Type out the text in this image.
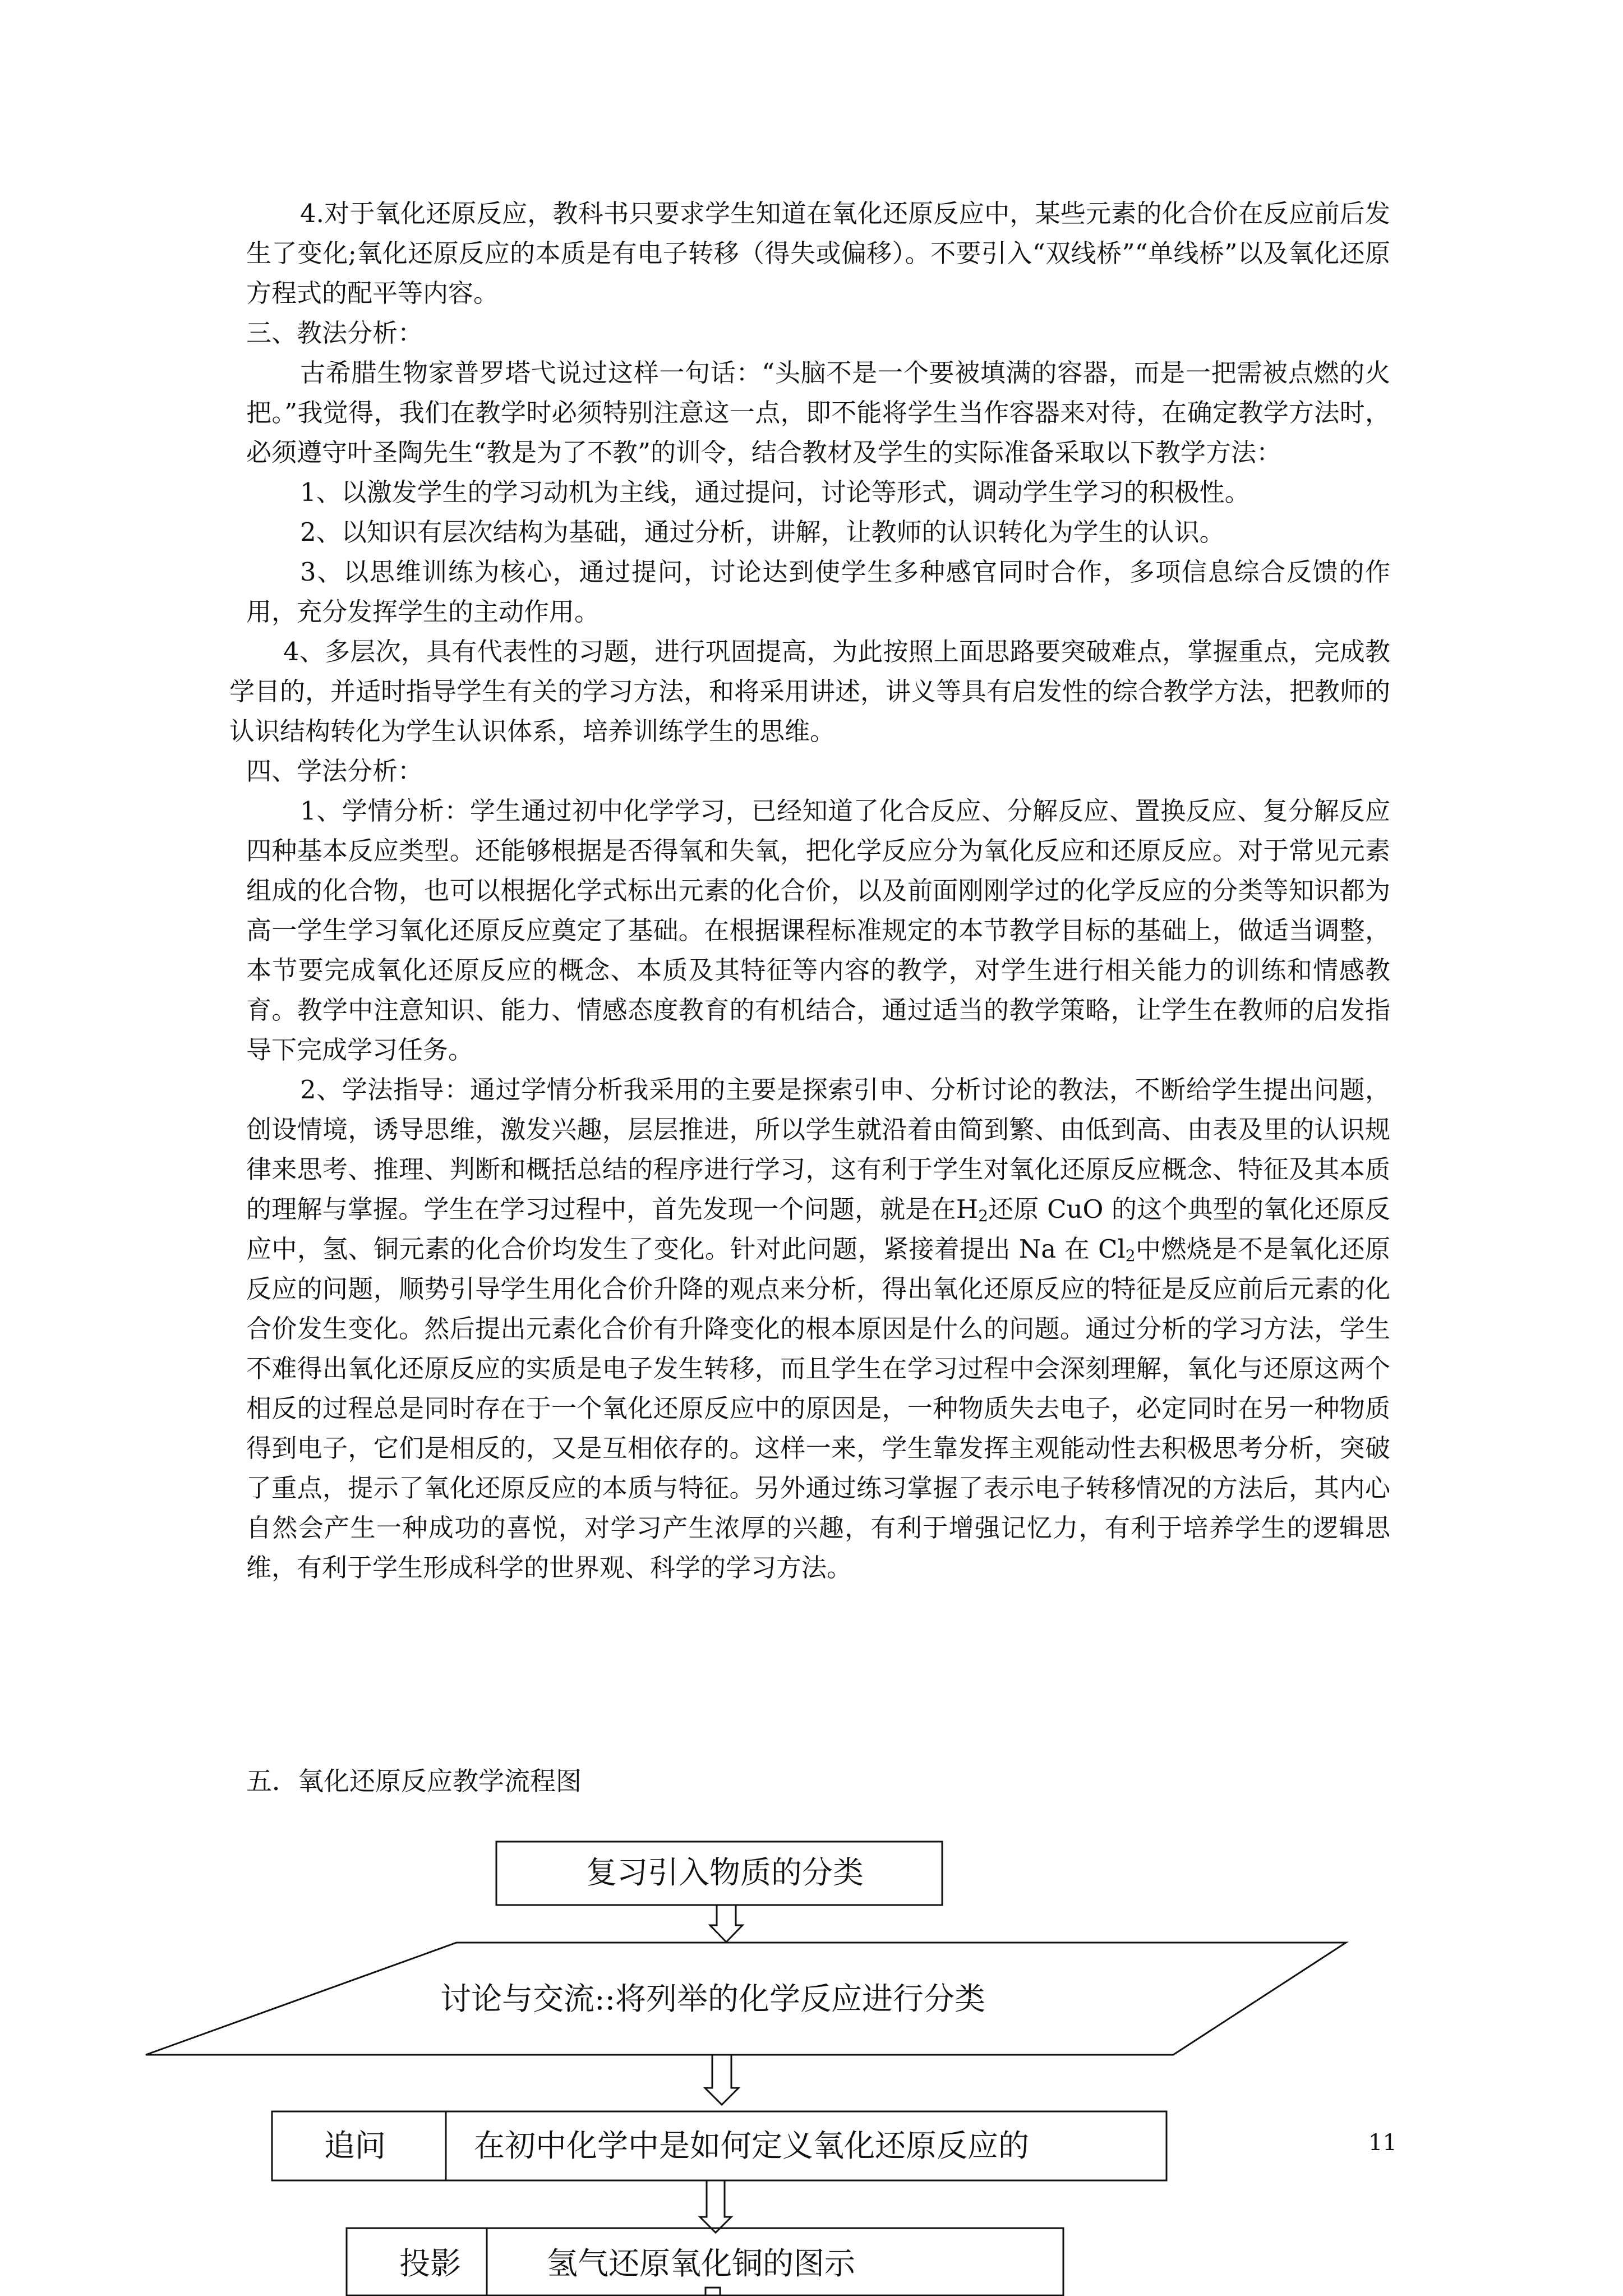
4.对于氧化还原反应，教科书只要求学生知道在氧化还原反应中，某些元素的化合价在反应前后发生了变化;氧化还原反应的本质是有电子转移（得失或偏移）。不要引入“双线桥”“单线桥”以及氧化还原方程式的配平等内容。

三、教法分析：

古希腊生物家普罗塔弋说过这样一句话：“头脑不是一个要被填满的容器，而是一把需被点燃的火把。”我觉得，我们在教学时必须特别注意这一点，即不能将学生当作容器来对待，在确定教学方法时，必须遵守叶圣陶先生“教是为了不教”的训令，结合教材及学生的实际准备采取以下教学方法：

1、以激发学生的学习动机为主线，通过提问，讨论等形式，调动学生学习的积极性。

2、以知识有层次结构为基础，通过分析，讲解，让教师的认识转化为学生的认识。

3、以思维训练为核心，通过提问，讨论达到使学生多种感官同时合作，多项信息综合反馈的作用，充分发挥学生的主动作用。

4、多层次，具有代表性的习题，进行巩固提高，为此按照上面思路要突破难点，掌握重点，完成教学目的，并适时指导学生有关的学习方法，和将采用讲述，讲义等具有启发性的综合教学方法，把教师的认识结构转化为学生认识体系，培养训练学生的思维。

四、学法分析：

1、学情分析：学生通过初中化学学习，已经知道了化合反应、分解反应、置换反应、复分解反应四种基本反应类型。还能够根据是否得氧和失氧，把化学反应分为氧化反应和还原反应。对于常见元素组成的化合物，也可以根据化学式标出元素的化合价，以及前面刚刚学过的化学反应的分类等知识都为高一学生学习氧化还原反应奠定了基础。在根据课程标准规定的本节教学目标的基础上，做适当调整，本节要完成氧化还原反应的概念、本质及其特征等内容的教学，对学生进行相关能力的训练和情感教育。教学中注意知识、能力、情感态度教育的有机结合，通过适当的教学策略，让学生在教师的启发指导下完成学习任务。

2、学法指导：通过学情分析我采用的主要是探索引申、分析讨论的教法，不断给学生提出问题，创设情境，诱导思维，激发兴趣，层层推进，所以学生就沿着由简到繁、由低到高、由表及里的认识规律来思考、推理、判断和概括总结的程序进行学习，这有利于学生对氧化还原反应概念、特征及其本质的理解与掌握。学生在学习过程中，首先发现一个问题，就是在$H_2$还原 CuO 的这个典型的氧化还原反应中，氢、铜元素的化合价均发生了变化。针对此问题，紧接着提出 Na 在 $Cl_2$中燃烧是不是氧化还原反应的问题，顺势引导学生用化合价升降的观点来分析，得出氧化还原反应的特征是反应前后元素的化合价发生变化。然后提出元素化合价有升降变化的根本原因是什么的问题。通过分析的学习方法，学生不难得出氧化还原反应的实质是电子发生转移，而且学生在学习过程中会深刻理解，氧化与还原这两个相反的过程总是同时存在于一个氧化还原反应中的原因是，一种物质失去电子，必定同时在另一种物质得到电子，它们是相反的，又是互相依存的。这样一来，学生靠发挥主观能动性去积极思考分析，突破了重点，提示了氧化还原反应的本质与特征。另外通过练习掌握了表示电子转移情况的方法后，其内心自然会产生一种成功的喜悦，对学习产生浓厚的兴趣，有利于增强记忆力，有利于培养学生的逻辑思维，有利于学生形成科学的世界观、科学的学习方法。

五．氧化还原反应教学流程图
复习引入物质的分类
讨论与交流::将列举的化学反应进行分类
追问	在初中化学中是如何定义氧化还原反应的
投影	氢气还原氧化铜的图示
11
